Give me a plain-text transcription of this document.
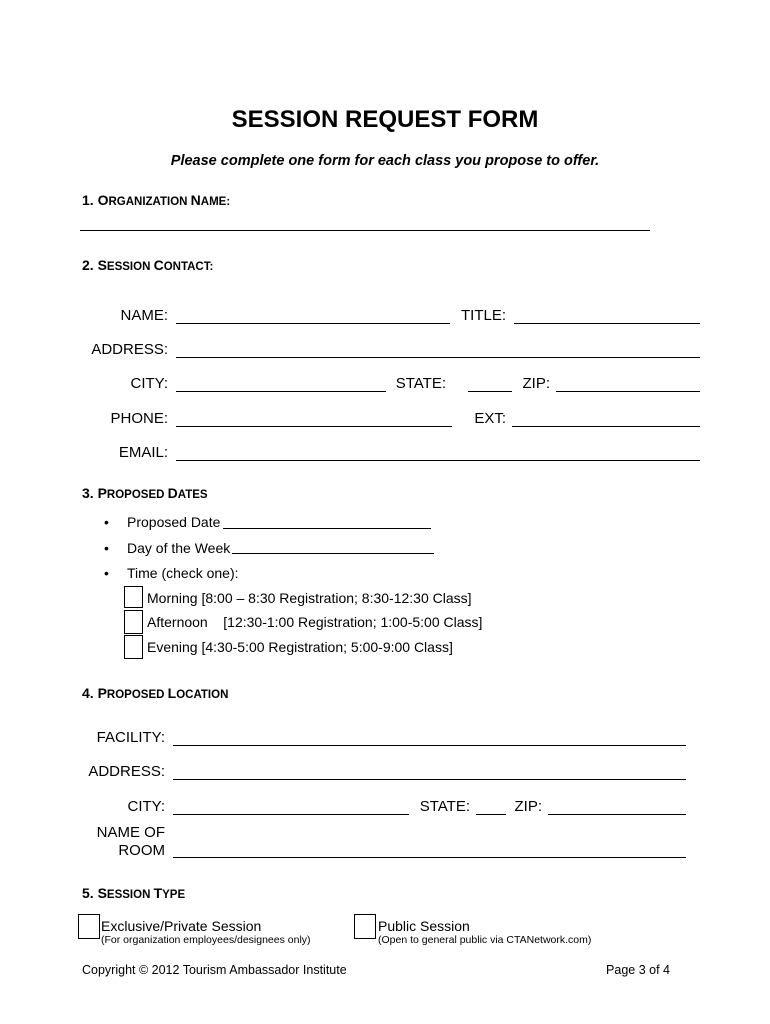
SESSION REQUEST FORM
Please complete one form for each class you propose to offer.
1. ORGANIZATION NAME:
2. SESSION CONTACT:
NAME:	TITLE:
ADDRESS:
CITY:	STATE:	ZIP:
PHONE:	EXT:
EMAIL:
3. PROPOSED DATES
• Proposed Date
• Day of the Week
• Time (check one):
Morning [8:00 – 8:30 Registration; 8:30-12:30 Class]
Afternoon    [12:30-1:00 Registration; 1:00-5:00 Class]
Evening [4:30-5:00 Registration; 5:00-9:00 Class]
4. PROPOSED LOCATION
FACILITY:
ADDRESS:
CITY:	STATE:	ZIP:
NAME OF
ROOM
5. SESSION TYPE
Exclusive/Private Session
(For organization employees/designees only)
Public Session
(Open to general public via CTANetwork.com)
Copyright © 2012 Tourism Ambassador Institute	Page 3 of 4
